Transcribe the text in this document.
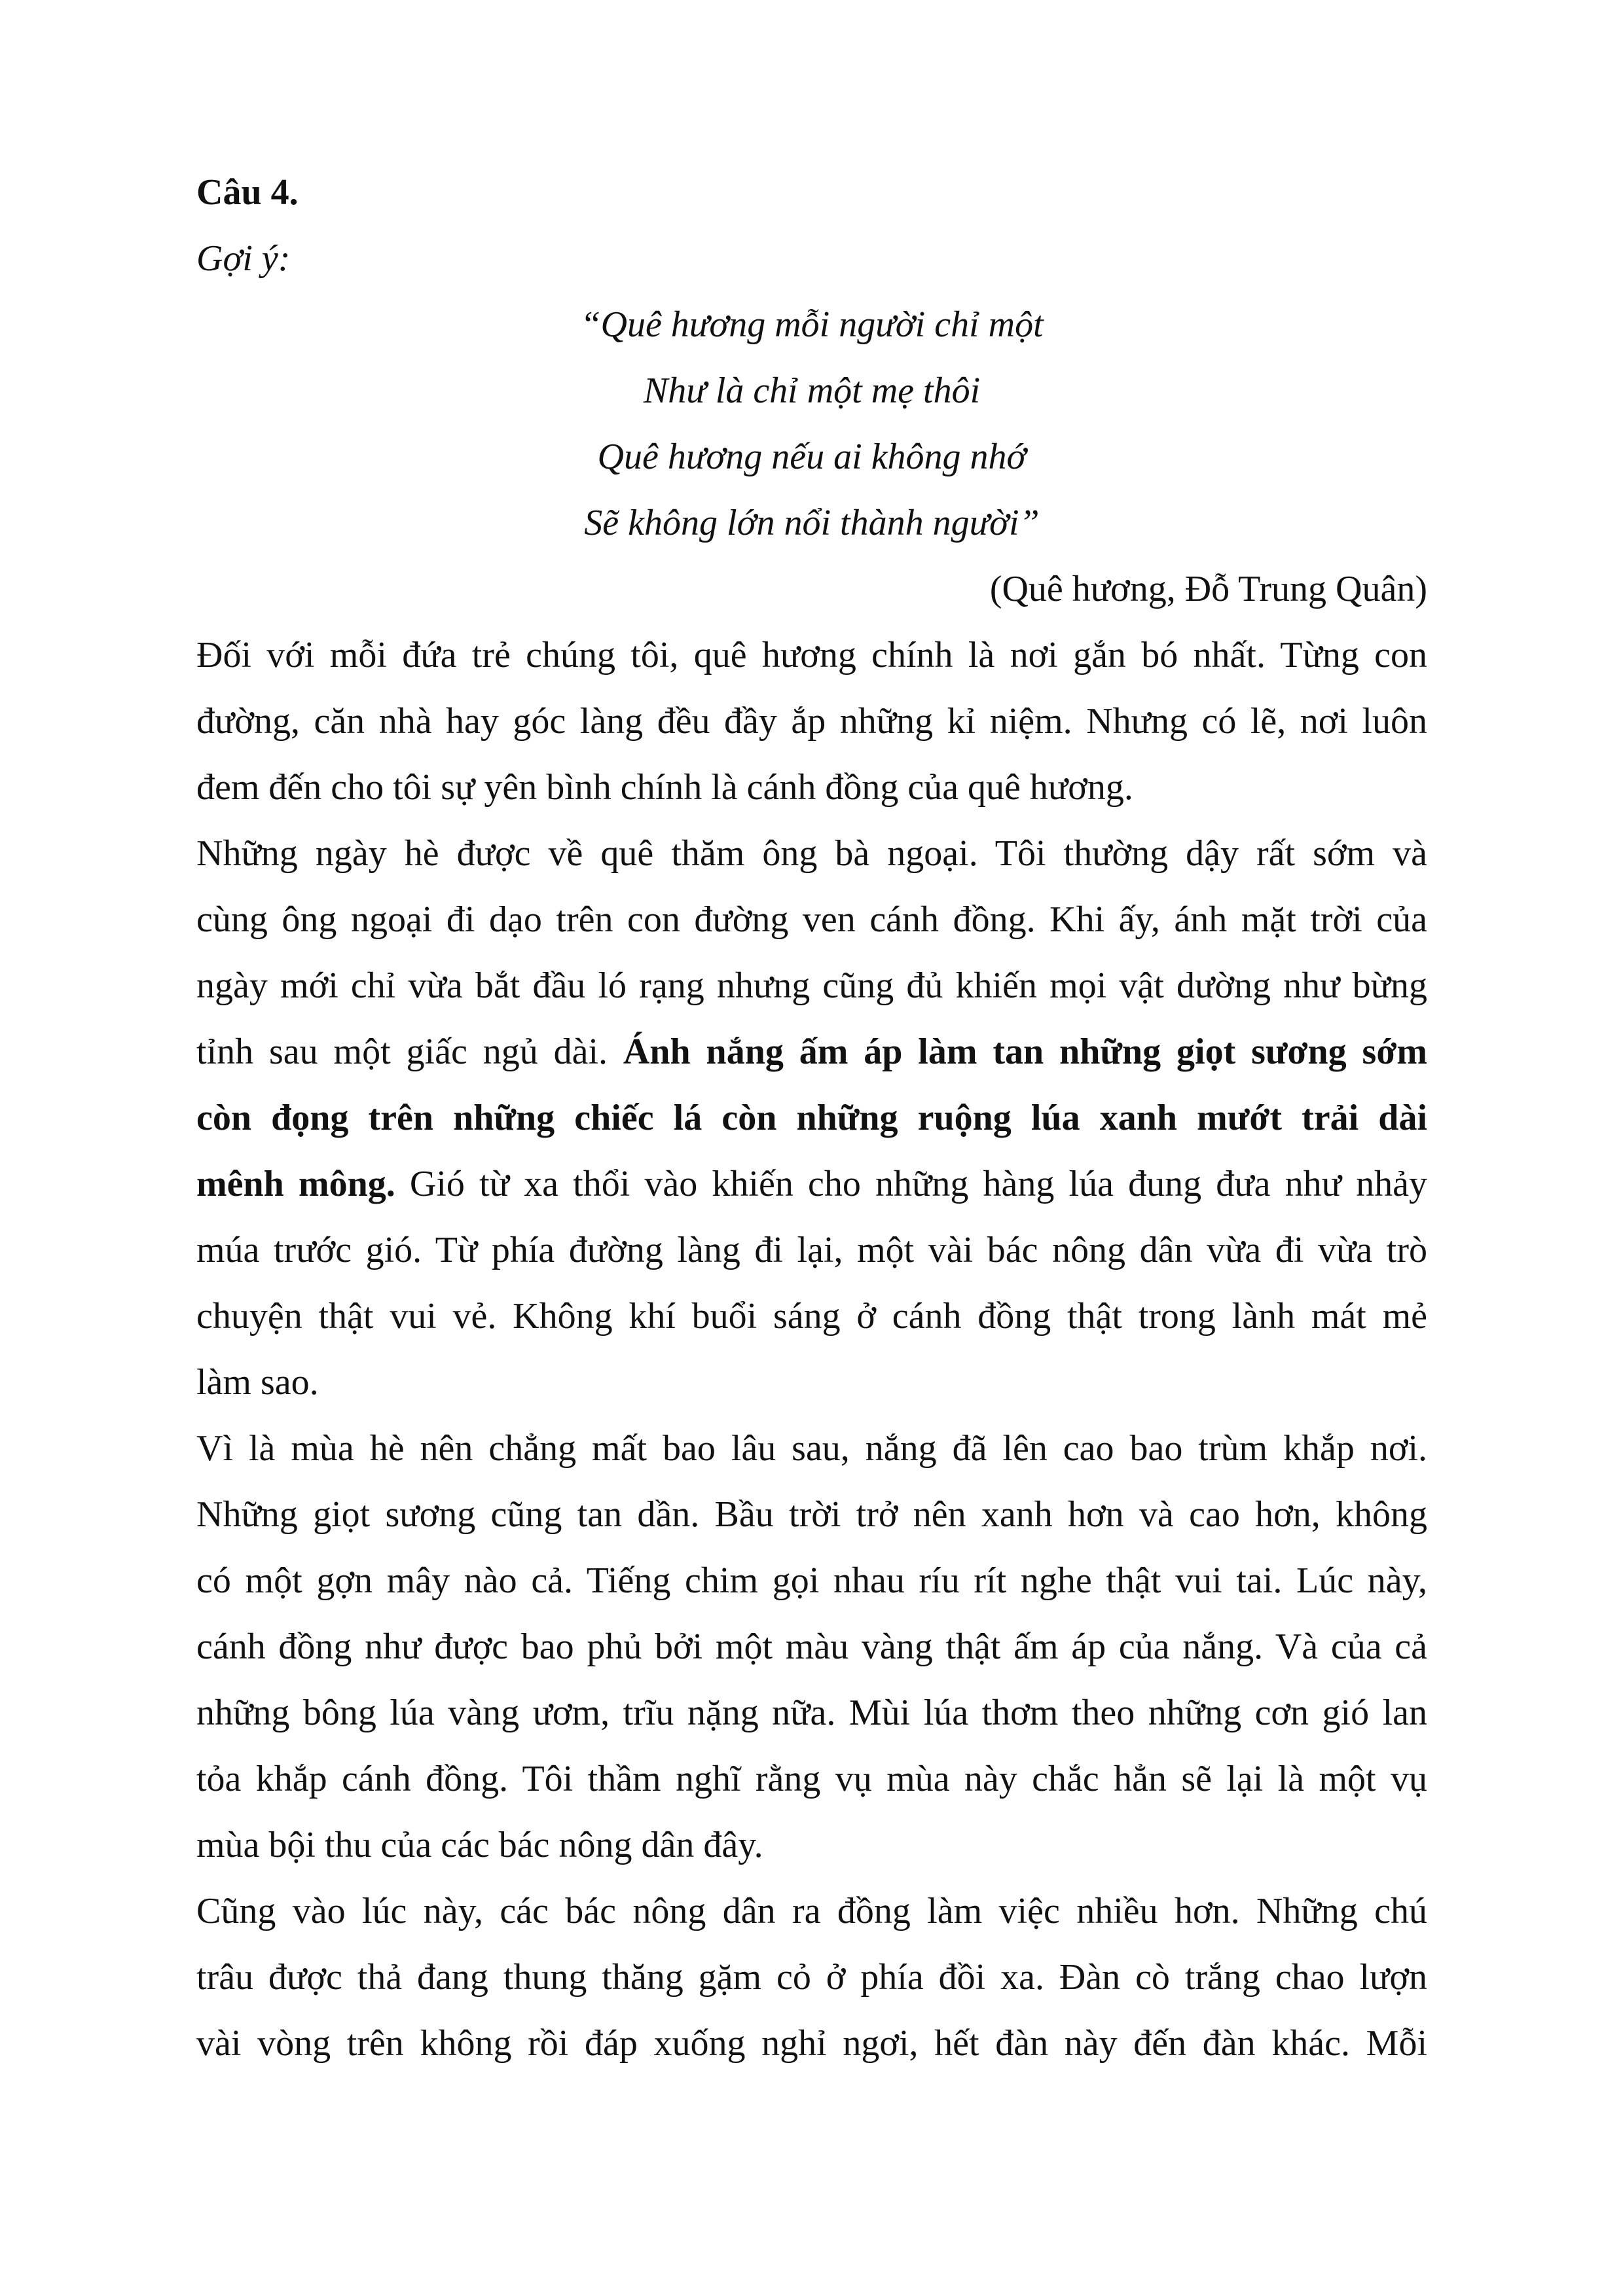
Câu 4.
Gợi ý:
“Quê hương mỗi người chỉ một
Như là chỉ một mẹ thôi
Quê hương nếu ai không nhớ
Sẽ không lớn nổi thành người”
(Quê hương, Đỗ Trung Quân)
Đối với mỗi đứa trẻ chúng tôi, quê hương chính là nơi gắn bó nhất. Từng con
đường, căn nhà hay góc làng đều đầy ắp những kỉ niệm. Nhưng có lẽ, nơi luôn
đem đến cho tôi sự yên bình chính là cánh đồng của quê hương.
Những ngày hè được về quê thăm ông bà ngoại. Tôi thường dậy rất sớm và
cùng ông ngoại đi dạo trên con đường ven cánh đồng. Khi ấy, ánh mặt trời của
ngày mới chỉ vừa bắt đầu ló rạng nhưng cũng đủ khiến mọi vật dường như bừng
tỉnh sau một giấc ngủ dài. Ánh nắng ấm áp làm tan những giọt sương sớm
còn đọng trên những chiếc lá còn những ruộng lúa xanh mướt trải dài
mênh mông. Gió từ xa thổi vào khiến cho những hàng lúa đung đưa như nhảy
múa trước gió. Từ phía đường làng đi lại, một vài bác nông dân vừa đi vừa trò
chuyện thật vui vẻ. Không khí buổi sáng ở cánh đồng thật trong lành mát mẻ
làm sao.
Vì là mùa hè nên chẳng mất bao lâu sau, nắng đã lên cao bao trùm khắp nơi.
Những giọt sương cũng tan dần. Bầu trời trở nên xanh hơn và cao hơn, không
có một gợn mây nào cả. Tiếng chim gọi nhau ríu rít nghe thật vui tai. Lúc này,
cánh đồng như được bao phủ bởi một màu vàng thật ấm áp của nắng. Và của cả
những bông lúa vàng ươm, trĩu nặng nữa. Mùi lúa thơm theo những cơn gió lan
tỏa khắp cánh đồng. Tôi thầm nghĩ rằng vụ mùa này chắc hẳn sẽ lại là một vụ
mùa bội thu của các bác nông dân đây.
Cũng vào lúc này, các bác nông dân ra đồng làm việc nhiều hơn. Những chú
trâu được thả đang thung thăng gặm cỏ ở phía đồi xa. Đàn cò trắng chao lượn
vài vòng trên không rồi đáp xuống nghỉ ngơi, hết đàn này đến đàn khác. Mỗi
